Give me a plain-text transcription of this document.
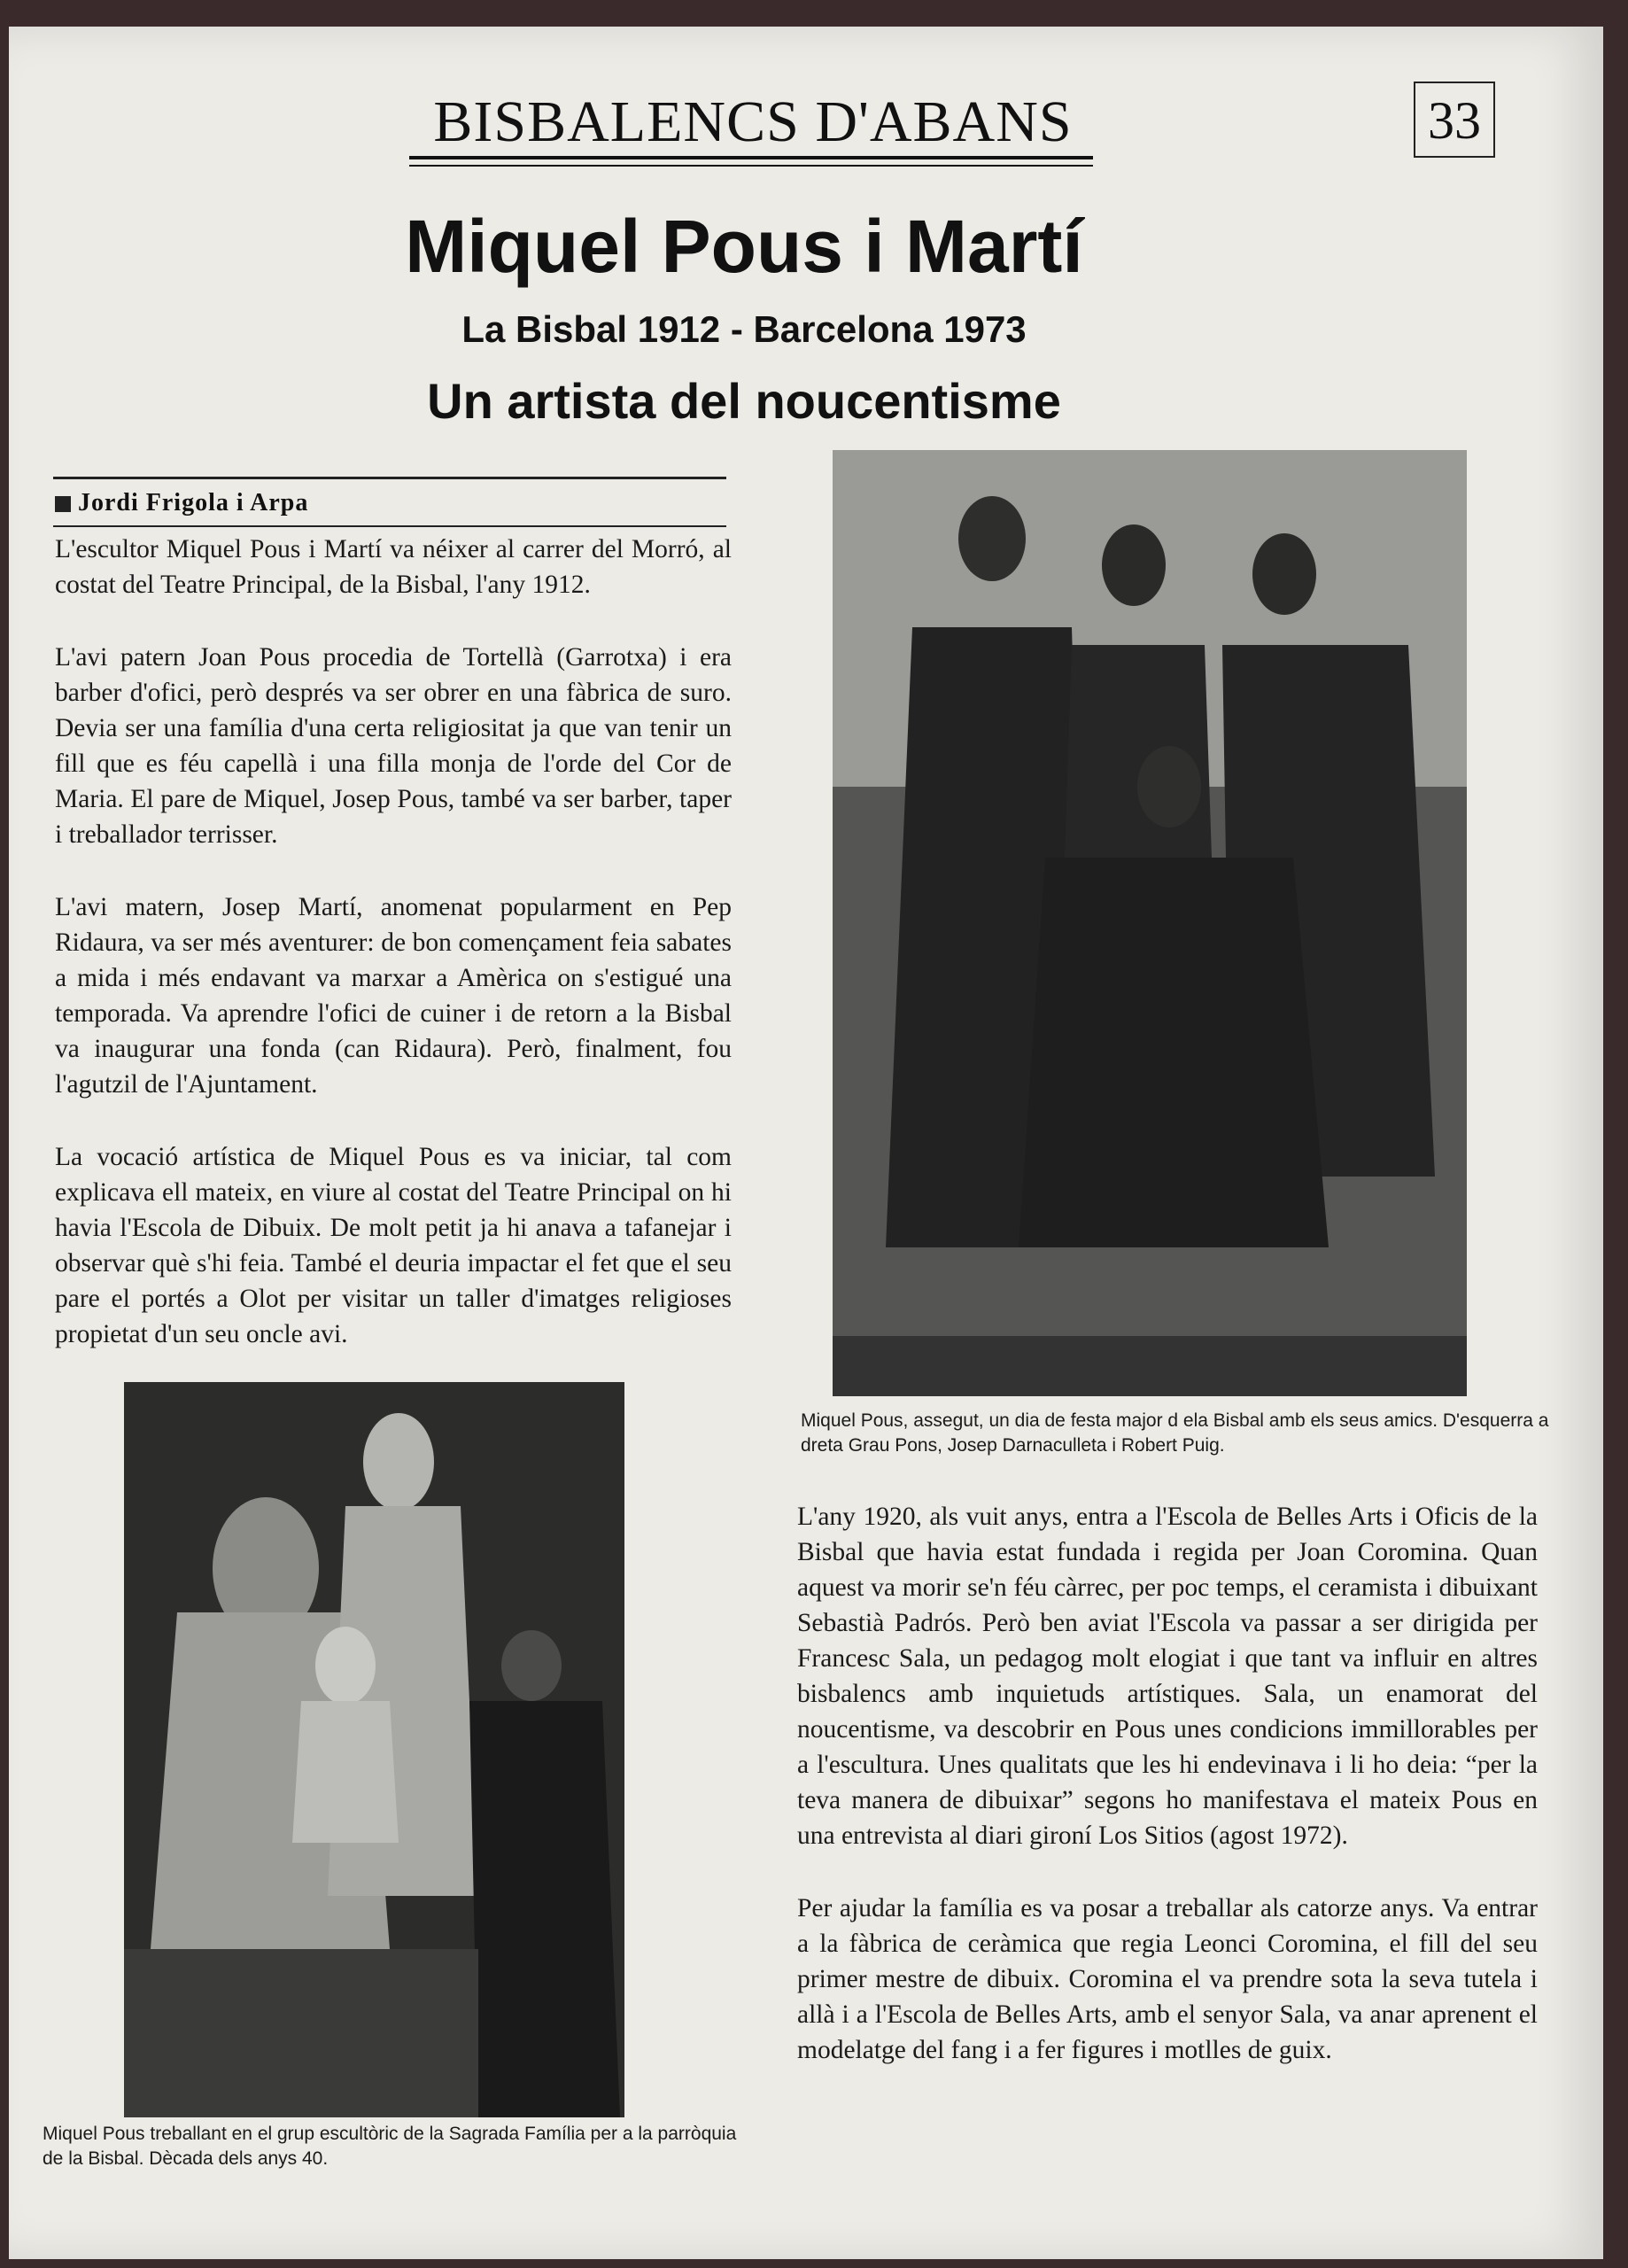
BISBALENCS D'ABANS	33
Miquel Pous i Martí
La Bisbal 1912 - Barcelona 1973
Un artista del noucentisme
Jordi Frigola i Arpa

L'escultor Miquel Pous i Martí va néixer al carrer del Morró, al costat del Teatre Principal, de la Bisbal, l'any 1912.

L'avi patern Joan Pous procedia de Tortellà (Garrotxa) i era barber d'ofici, però després va ser obrer en una fàbrica de suro. Devia ser una família d'una certa religiositat ja que van tenir un fill que es féu capellà i una filla monja de l'orde del Cor de Maria. El pare de Miquel, Josep Pous, també va ser barber, taper i treballador terrisser.

L'avi matern, Josep Martí, anomenat popularment en Pep Ridaura, va ser més aventurer: de bon començament feia sabates a mida i més endavant va marxar a Amèrica on s'estigué una temporada. Va aprendre l'ofici de cuiner i de retorn a la Bisbal va inaugurar una fonda (can Ridaura). Però, finalment, fou l'agutzil de l'Ajuntament.

La vocació artística de Miquel Pous es va iniciar, tal com explicava ell mateix, en viure al costat del Teatre Principal on hi havia l'Escola de Dibuix. De molt petit ja hi anava a tafanejar i observar què s'hi feia. També el deuria impactar el fet que el seu pare el portés a Olot per visitar un taller d'imatges religioses propietat d'un seu oncle avi.

Miquel Pous, assegut, un dia de festa major d ela Bisbal amb els seus amics. D'esquerra a dreta Grau Pons, Josep Darnaculleta i Robert Puig.
Miquel Pous treballant en el grup escultòric de la Sagrada Família per a la parròquia de la Bisbal. Dècada dels anys 40.

L'any 1920, als vuit anys, entra a l'Escola de Belles Arts i Oficis de la Bisbal que havia estat fundada i regida per Joan Coromina. Quan aquest va morir se'n féu càrrec, per poc temps, el ceramista i dibuixant Sebastià Padrós. Però ben aviat l'Escola va passar a ser dirigida per Francesc Sala, un pedagog molt elogiat i que tant va influir en altres bisbalencs amb inquietuds artístiques. Sala, un enamorat del noucentisme, va descobrir en Pous unes condicions immillorables per a l'escultura. Unes qualitats que les hi endevinava i li ho deia: “per la teva manera de dibuixar” segons ho manifestava el mateix Pous en una entrevista al diari gironí Los Sitios (agost 1972).

Per ajudar la família es va posar a treballar als catorze anys. Va entrar a la fàbrica de ceràmica que regia Leonci Coromina, el fill del seu primer mestre de dibuix. Coromina el va prendre sota la seva tutela i allà i a l'Escola de Belles Arts, amb el senyor Sala, va anar aprenent el modelatge del fang i a fer figures i motlles de guix.
